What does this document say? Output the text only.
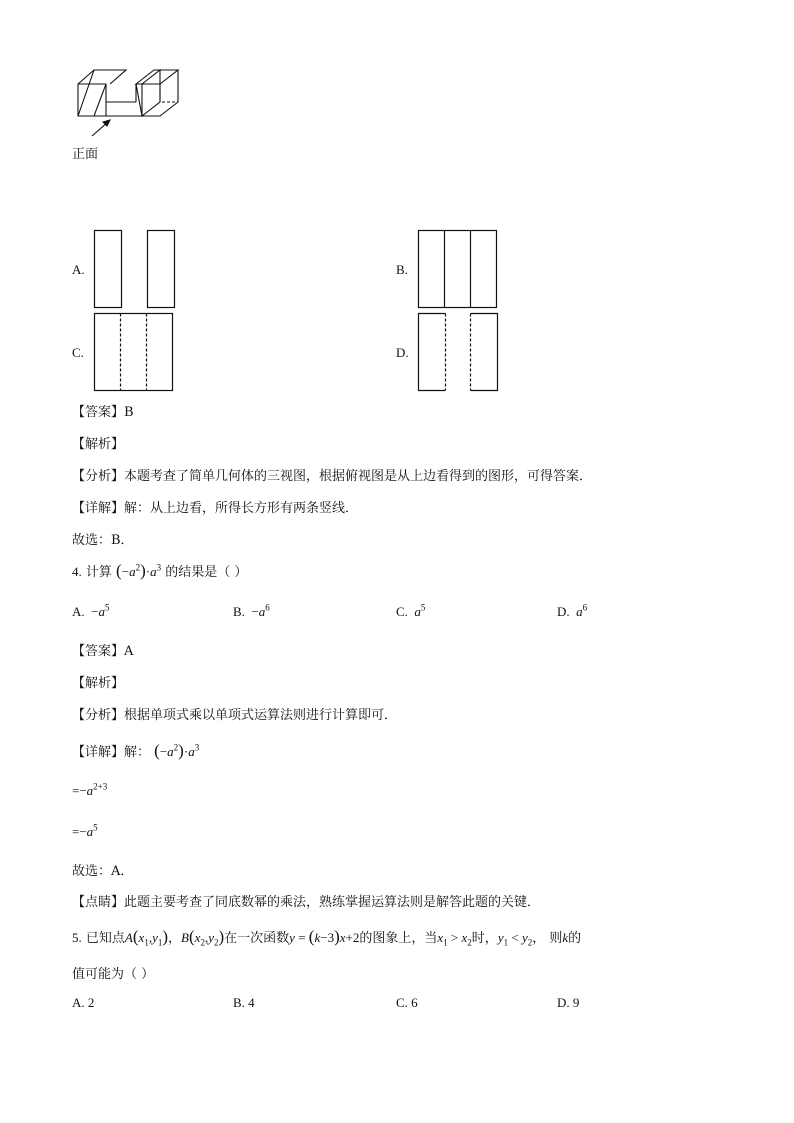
正面
A.	B.
C.	D.
【答案】B
【解析】
【分析】本题考查了简单几何体的三视图，根据俯视图是从上边看得到的图形，可得答案．
【详解】解：从上边看，所得长方形有两条竖线．
故选：B．
4. 计算 $(-a^2)\cdot a^3$ 的结果是（ ）
A. $-a^5$	B. $-a^6$	C. $a^5$	D. $a^6$
【答案】A
【解析】
【分析】根据单项式乘以单项式运算法则进行计算即可．
【详解】解： $(-a^2)\cdot a^3$
$=-a^{2+3}$
$=-a^5$
故选：A．
【点睛】此题主要考查了同底数幂的乘法，熟练掌握运算法则是解答此题的关键．
5. 已知点$A(x_1,y_1)$，$B(x_2,y_2)$在一次函数y = (k−3)x+2的图象上，当$x_1 > x_2$时，$y_1 < y_2$， 则k的
值可能为（ ）
A. 2	B. 4	C. 6	D. 9
